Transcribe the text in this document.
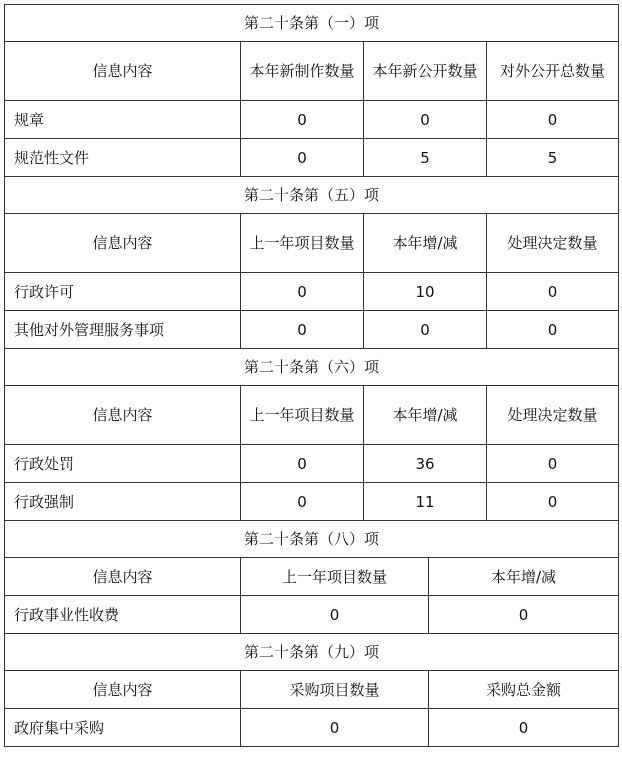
第二十条第（一）项			
信息内容	本年新制作数量	本年新公开数量	对外公开总数量
规章	0	0	0
规范性文件	0	5	5
第二十条第（五）项			
信息内容	上一年项目数量	本年增/减	处理决定数量
行政许可	0	10	0
其他对外管理服务事项	0	0	0
第二十条第（六）项			
信息内容	上一年项目数量	本年增/减	处理决定数量
行政处罚	0	36	0
行政强制	0	11	0
第二十条第（八）项		
信息内容	上一年项目数量	本年增/减
行政事业性收费	0	0
第二十条第（九）项		
信息内容	采购项目数量	采购总金额
政府集中采购	0	0
